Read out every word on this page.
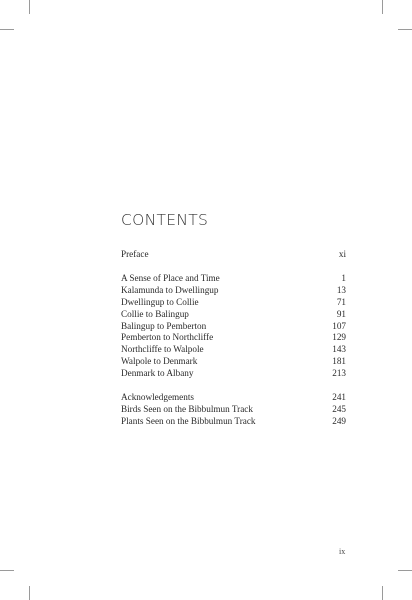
CONTENTS
Preface	xi
A Sense of Place and Time	1
Kalamunda to Dwellingup	13
Dwellingup to Collie	71
Collie to Balingup	91
Balingup to Pemberton	107
Pemberton to Northcliffe	129
Northcliffe to Walpole	143
Walpole to Denmark	181
Denmark to Albany	213
Acknowledgements	241
Birds Seen on the Bibbulmun Track	245
Plants Seen on the Bibbulmun Track	249
ix
